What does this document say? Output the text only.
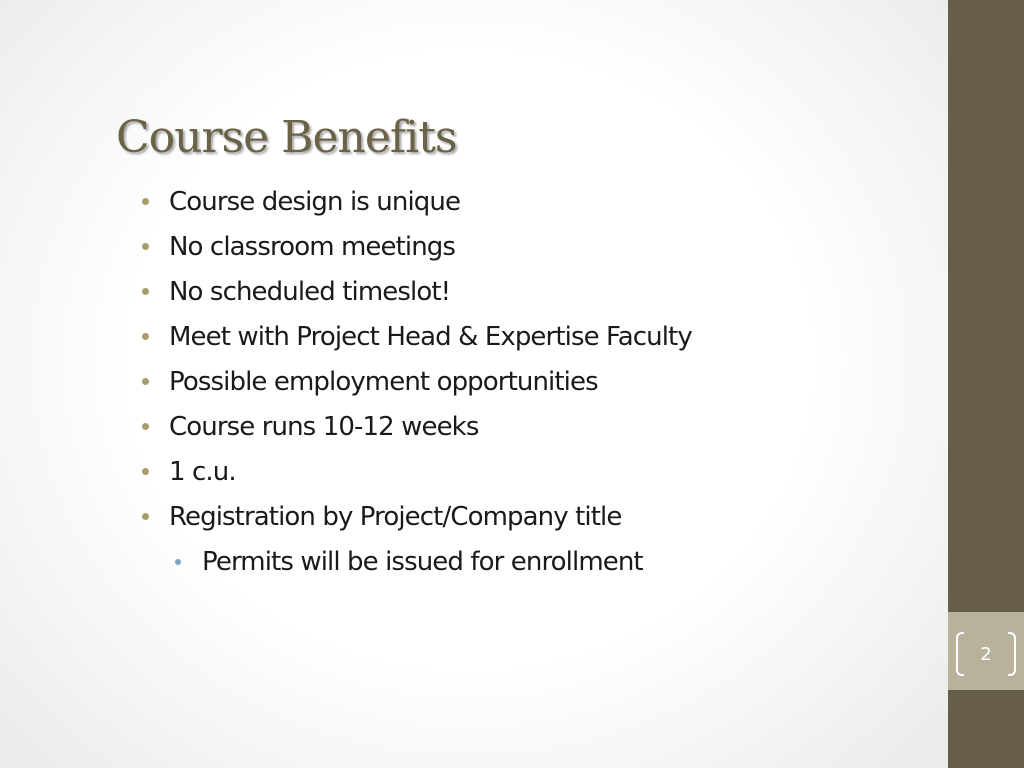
Course Benefits
Course design is unique
No classroom meetings
No scheduled timeslot!
Meet with Project Head & Expertise Faculty
Possible employment opportunities
Course runs 10-12 weeks
1 c.u.
Registration by Project/Company title
Permits will be issued for enrollment
2
